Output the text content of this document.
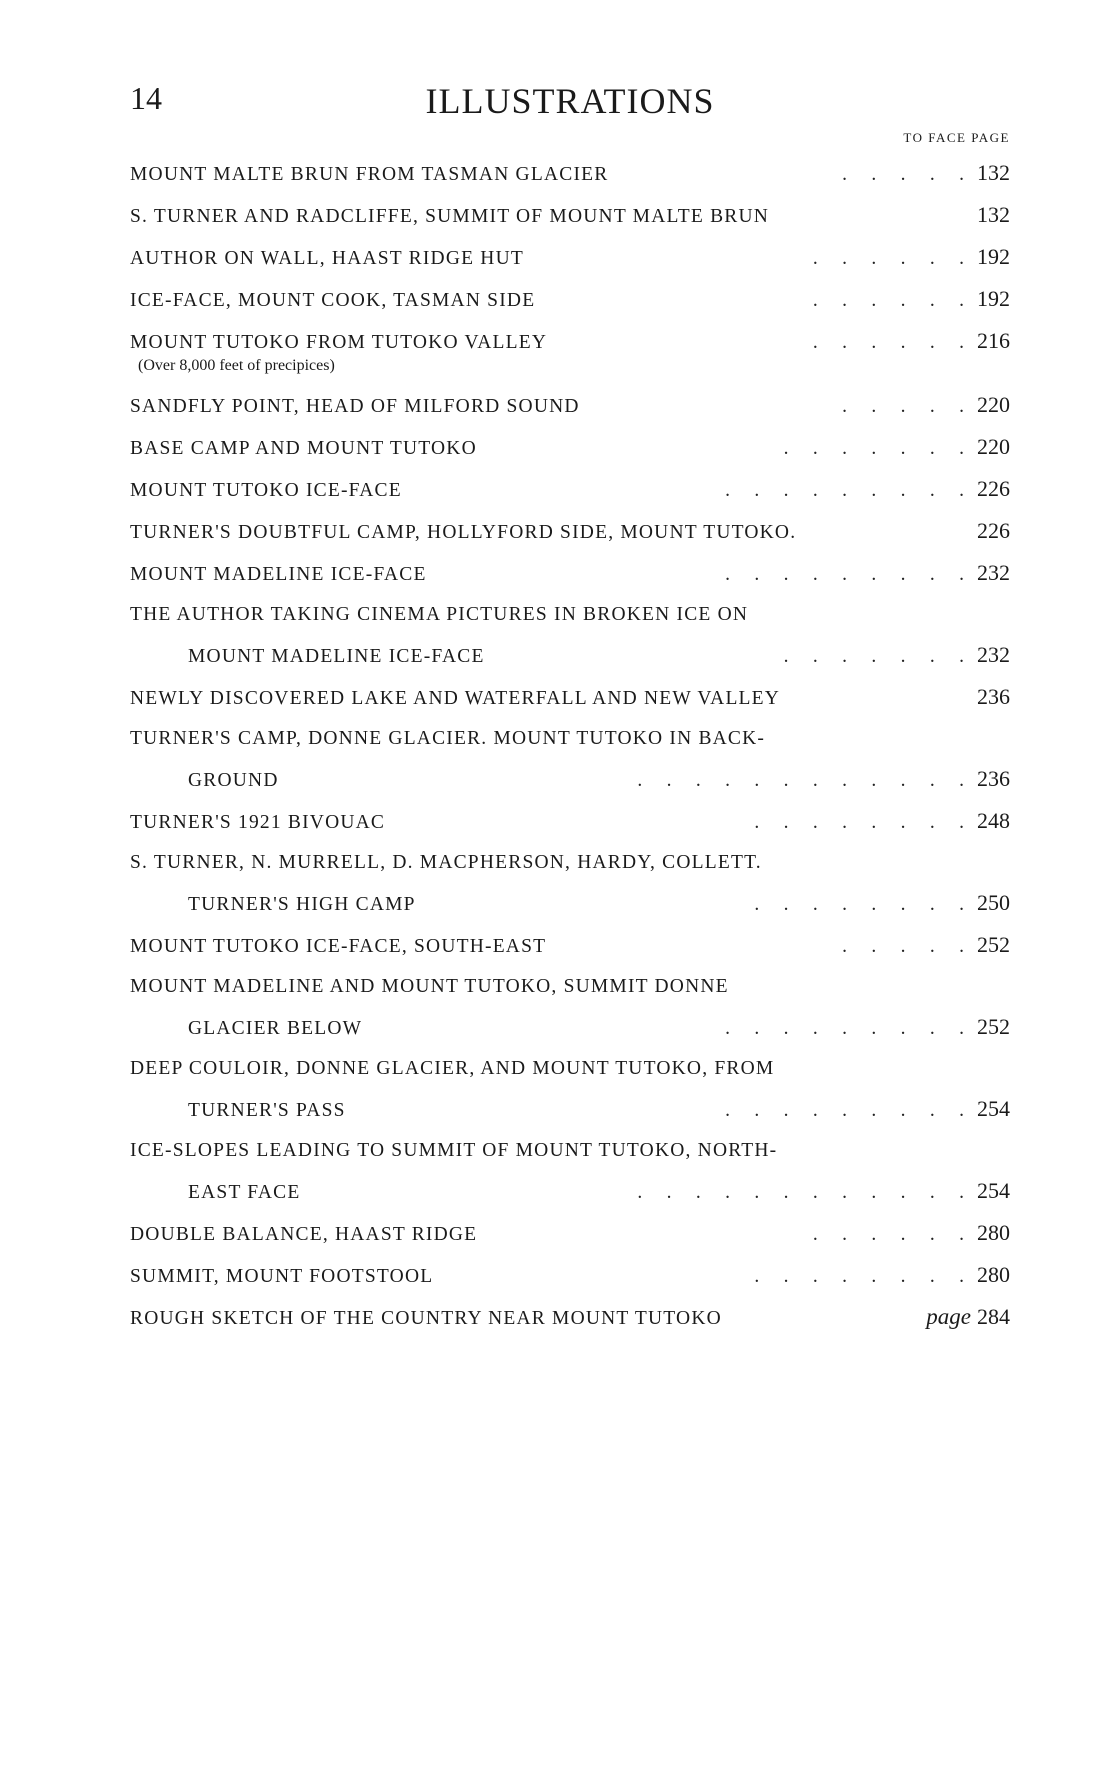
ILLUSTRATIONS
14
TO FACE PAGE
MOUNT MALTE BRUN FROM TASMAN GLACIER	.     .     .     .     . 132
S. TURNER AND RADCLIFFE, SUMMIT OF MOUNT MALTE BRUN	132
AUTHOR ON WALL, HAAST RIDGE HUT	.     .     .     .     .     . 192
ICE-FACE, MOUNT COOK, TASMAN SIDE	.     .     .     .     .     . 192
MOUNT TUTOKO FROM TUTOKO VALLEY	.     .     .     .     .     . 216
(Over 8,000 feet of precipices)
SANDFLY POINT, HEAD OF MILFORD SOUND	.     .     .     .     . 220
BASE CAMP AND MOUNT TUTOKO	.     .     .     .     .     .     . 220
MOUNT TUTOKO ICE-FACE	.     .     .     .     .     .     .     .     . 226
TURNER'S DOUBTFUL CAMP, HOLLYFORD SIDE, MOUNT TUTOKO.	226
MOUNT MADELINE ICE-FACE	.     .     .     .     .     .     .     .     . 232
THE AUTHOR TAKING CINEMA PICTURES IN BROKEN ICE ON
MOUNT MADELINE ICE-FACE	.     .     .     .     .     .     . 232
NEWLY DISCOVERED LAKE AND WATERFALL AND NEW VALLEY	236
TURNER'S CAMP, DONNE GLACIER. MOUNT TUTOKO IN BACK-
GROUND	.     .     .     .     .     .     .     .     .     .     .     . 236
TURNER'S 1921 BIVOUAC	.     .     .     .     .     .     .     . 248
S. TURNER, N. MURRELL, D. MACPHERSON, HARDY, COLLETT.
TURNER'S HIGH CAMP	.     .     .     .     .     .     .     . 250
MOUNT TUTOKO ICE-FACE, SOUTH-EAST	.     .     .     .     . 252
MOUNT MADELINE AND MOUNT TUTOKO, SUMMIT DONNE
GLACIER BELOW	.     .     .     .     .     .     .     .     . 252
DEEP COULOIR, DONNE GLACIER, AND MOUNT TUTOKO, FROM
TURNER'S PASS	.     .     .     .     .     .     .     .     . 254
ICE-SLOPES LEADING TO SUMMIT OF MOUNT TUTOKO, NORTH-
EAST FACE	.     .     .     .     .     .     .     .     .     .     .     . 254
DOUBLE BALANCE, HAAST RIDGE	.     .     .     .     .     . 280
SUMMIT, MOUNT FOOTSTOOL	.     .     .     .     .     .     .     . 280
ROUGH SKETCH OF THE COUNTRY NEAR MOUNT TUTOKO	page 284
